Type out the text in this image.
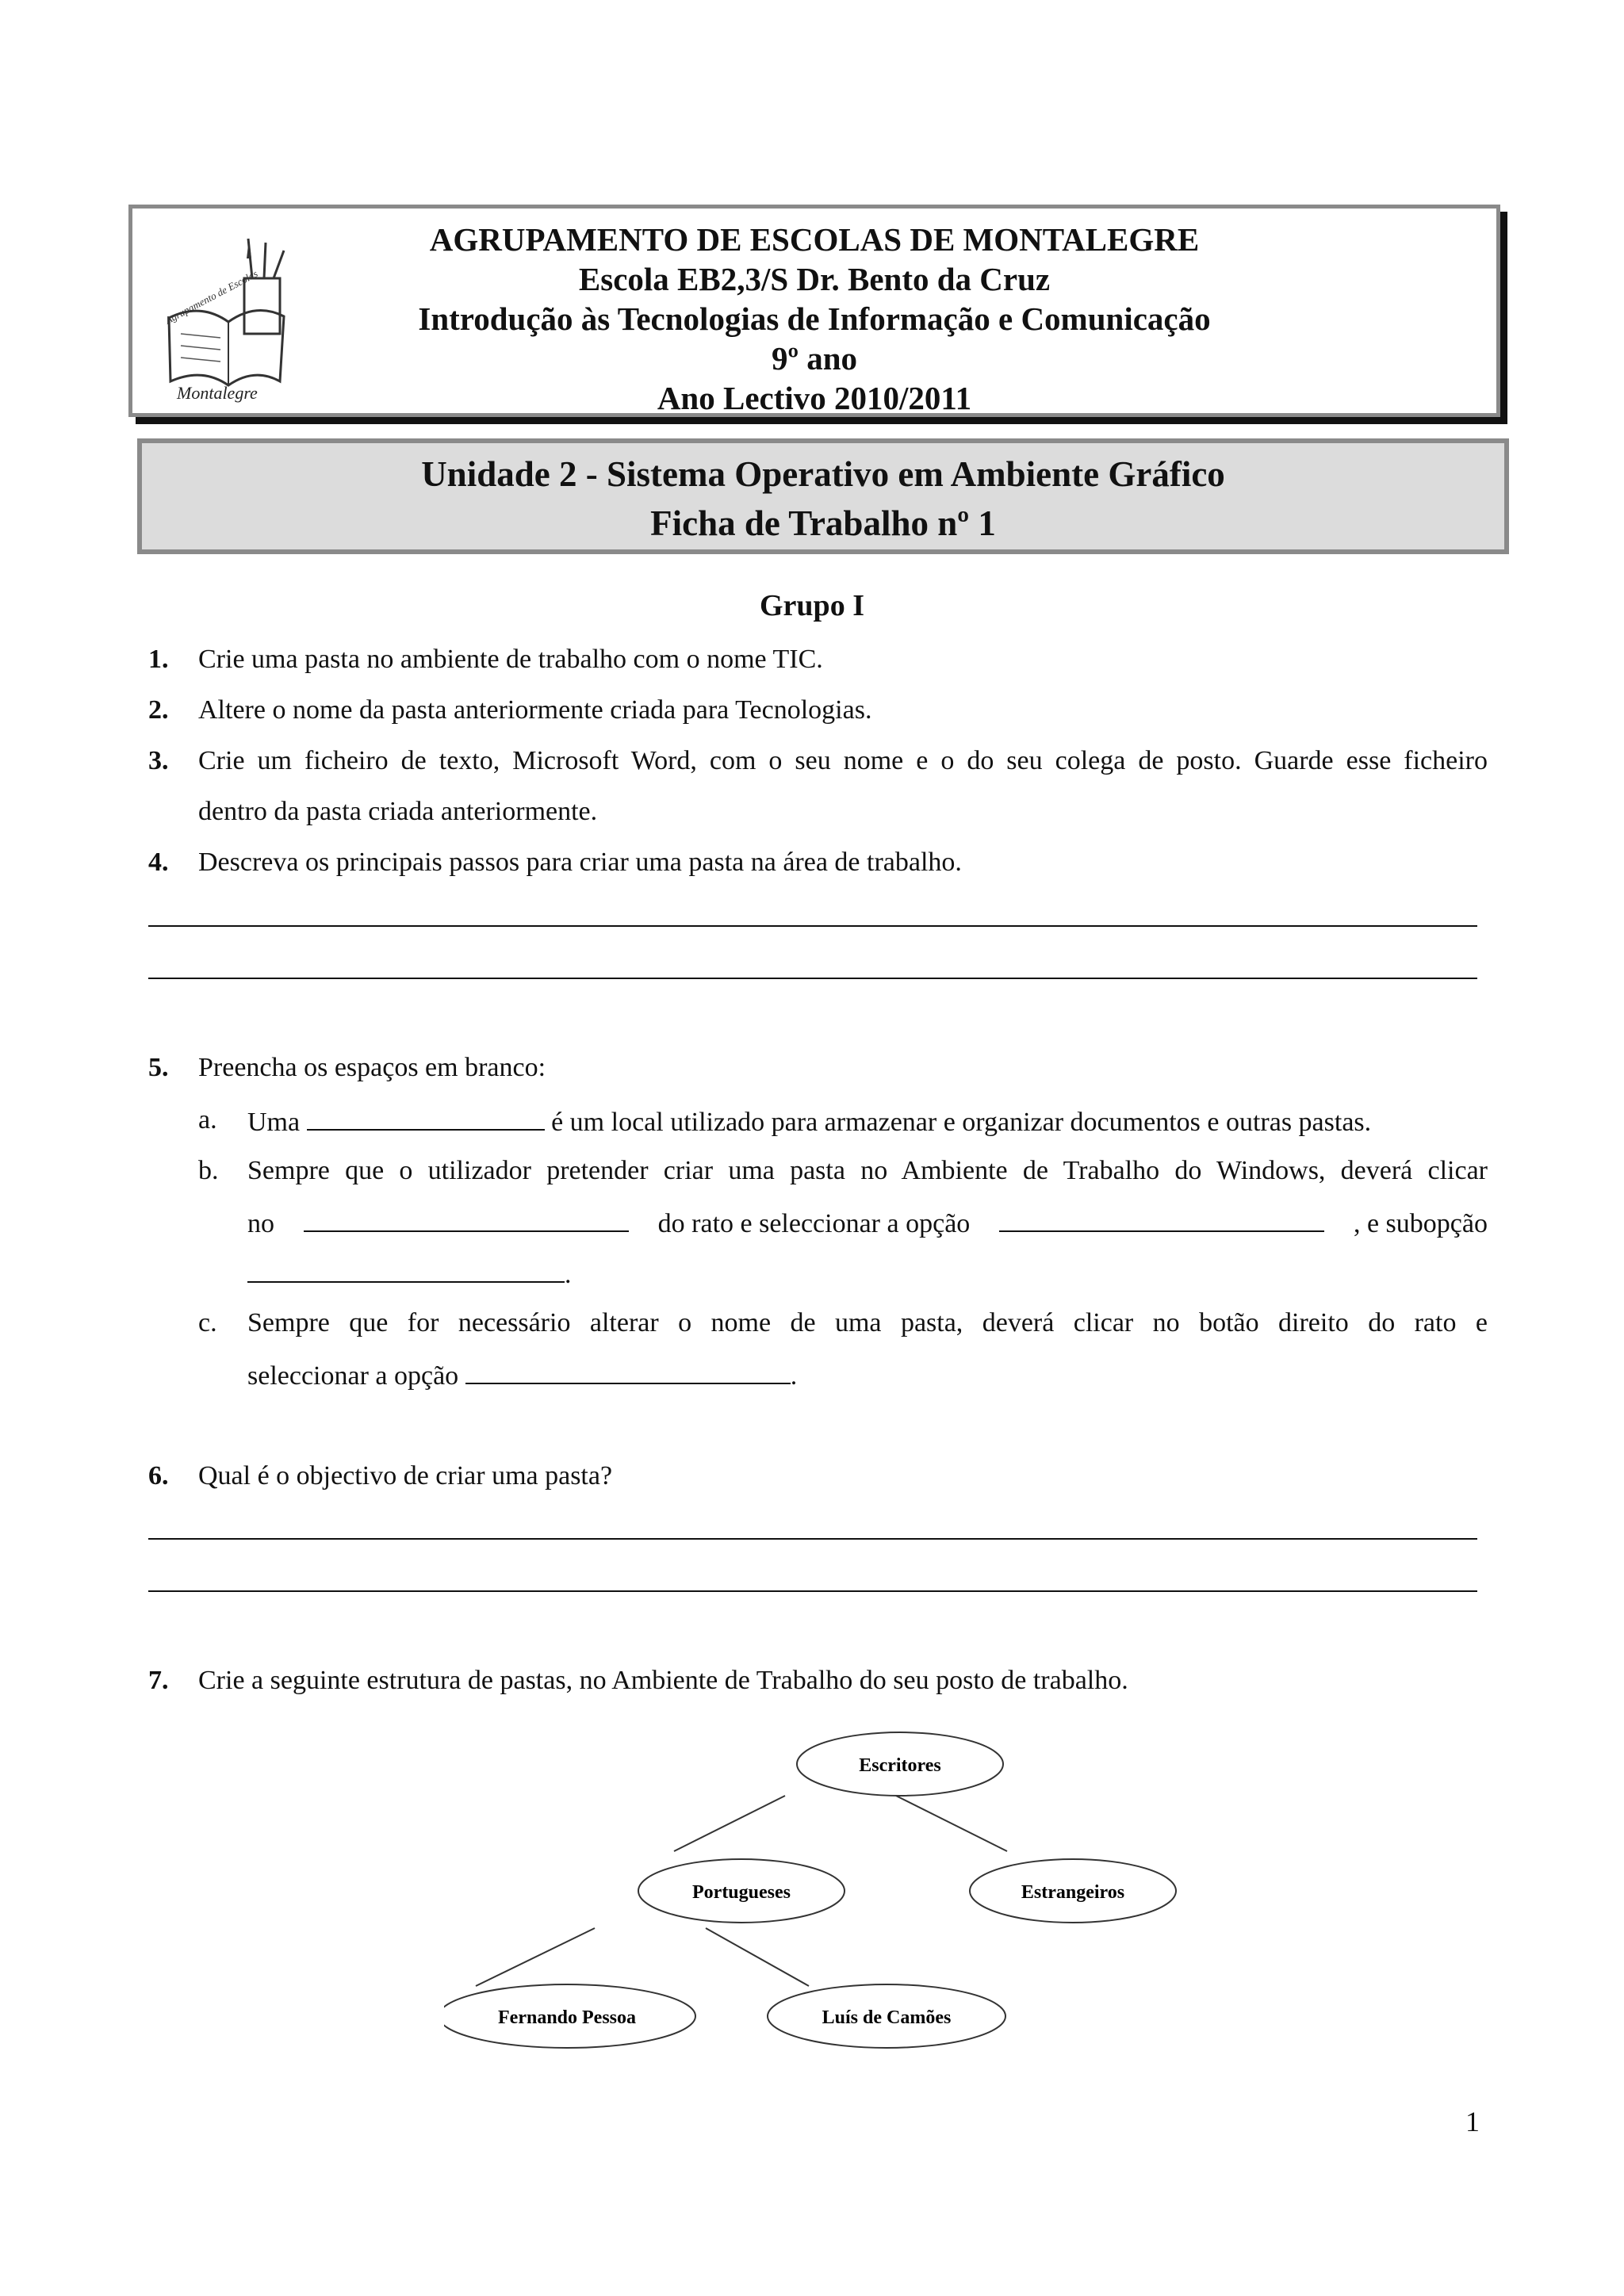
Agrupamento de Escolas
Montalegre
AGRUPAMENTO DE ESCOLAS DE MONTALEGRE
Escola EB2,3/S Dr. Bento da Cruz
Introdução às Tecnologias de Informação e Comunicação
9º ano
Ano Lectivo 2010/2011
Unidade 2 - Sistema Operativo em Ambiente Gráfico
Ficha de Trabalho nº 1
Grupo I
1. Crie uma pasta no ambiente de trabalho com o nome TIC.
2. Altere o nome da pasta anteriormente criada para Tecnologias.
3. Crie um ficheiro de texto, Microsoft Word, com o seu nome e o do seu colega de posto. Guarde esse ficheiro
dentro da pasta criada anteriormente.
4. Descreva os principais passos para criar uma pasta na área de trabalho.
5. Preencha os espaços em branco:
a. Uma	é um local utilizado para armazenar e organizar documentos e outras pastas.
b. Sempre que o utilizador pretender criar uma pasta no Ambiente de Trabalho do Windows, deverá clicar
no	do rato e seleccionar a opção	, e subopção
.
c. Sempre que for necessário alterar o nome de uma pasta, deverá clicar no botão direito do rato e
seleccionar a opção	.
6. Qual é o objectivo de criar uma pasta?
7. Crie a seguinte estrutura de pastas, no Ambiente de Trabalho do seu posto de trabalho.
Escritores
Portugueses	Estrangeiros
Fernando Pessoa	Luís de Camões
1
